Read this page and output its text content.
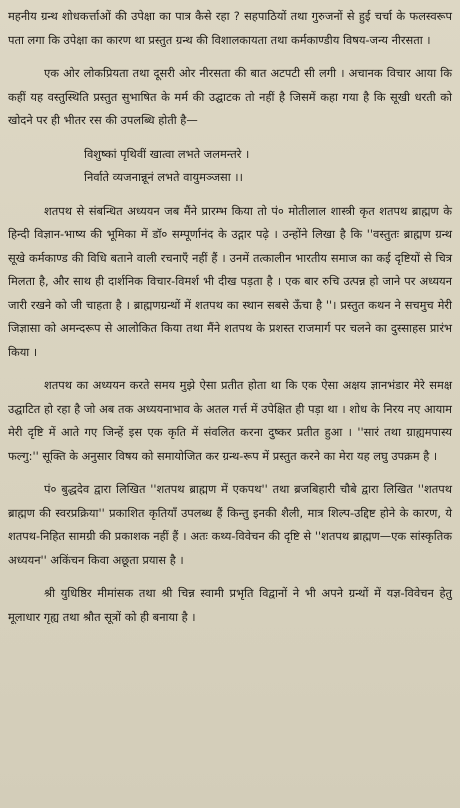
महनीय ग्रन्थ शोधकर्त्ताओं की उपेक्षा का पात्र कैसे रहा ? सहपाठियों तथा गुरुजनों से हुई चर्चा के फलस्वरूप पता लगा कि उपेक्षा का कारण था प्रस्तुत ग्रन्थ की विशालकायता तथा कर्मकाण्डीय विषय-जन्य नीरसता ।

एक ओर लोकप्रियता तथा दूसरी ओर नीरसता की बात अटपटी सी लगी । अचानक विचार आया कि कहीं यह वस्तुस्थिति प्रस्तुत सुभाषित के मर्म की उद्घाटक तो नहीं है जिसमें कहा गया है कि सूखी धरती को खोदने पर ही भीतर रस की उपलब्धि होती है—

विशुष्कां पृथिवीं खात्वा लभते जलमन्तरे ।
निर्वाते व्यजनान्नूनं लभते वायुमञ्जसा ।।

शतपथ से संबन्धित अध्ययन जब मैंने प्रारम्भ किया तो पं० मोतीलाल शास्त्री कृत शतपथ ब्राह्मण के हिन्दी विज्ञान-भाष्य की भूमिका में डॉ० सम्पूर्णानंद के उद्गार पढ़े । उन्होंने लिखा है कि ''वस्तुतः ब्राह्मण ग्रन्थ सूखे कर्मकाण्ड की विधि बताने वाली रचनाएँ नहीं हैं । उनमें तत्कालीन भारतीय समाज का कई दृष्टियों से चित्र मिलता है, और साथ ही दार्शनिक विचार-विमर्श भी दीख पड़ता है । एक बार रुचि उत्पन्न हो जाने पर अध्ययन जारी रखने को जी चाहता है । ब्राह्मणग्रन्थों में शतपथ का स्थान सबसे ऊँचा है ''। प्रस्तुत कथन ने सचमुच मेरी जिज्ञासा को अमन्दरूप से आलोकित किया तथा मैंने शतपथ के प्रशस्त राजमार्ग पर चलने का दुस्साहस प्रारंभ किया ।

शतपथ का अध्ययन करते समय मुझे ऐसा प्रतीत होता था कि एक ऐसा अक्षय ज्ञानभंडार मेरे समक्ष उद्घाटित हो रहा है जो अब तक अध्ययनाभाव के अतल गर्त्त में उपेक्षित ही पड़ा था । शोध के निरय नए आयाम मेरी दृष्टि में आते गए जिन्हें इस एक कृति में संवलित करना दुष्कर प्रतीत हुआ । ''सारं तथा ग्राह्यमपास्य फल्गु:'' सूक्ति के अनुसार विषय को समायोजित कर ग्रन्थ-रूप में प्रस्तुत करने का मेरा यह लघु उपक्रम है ।

पं० बुद्धदेव द्वारा लिखित ''शतपथ ब्राह्मण में एकपथ'' तथा ब्रजबिहारी चौबे द्वारा लिखित ''शतपथ ब्राह्मण की स्वरप्रक्रिया'' प्रकाशित कृतियाँ उपलब्ध हैं किन्तु इनकी शैली, मात्र शिल्प-उद्दिष्ट होने के कारण, ये शतपथ-निहित सामग्री की प्रकाशक नहीं हैं । अतः कथ्य-विवेचन की दृष्टि से ''शतपथ ब्राह्मण—एक सांस्कृतिक अध्ययन'' अकिंचन किवा अछूता प्रयास है ।

श्री युधिष्ठिर मीमांसक तथा श्री चिन्न स्वामी प्रभृति विद्वानों ने भी अपने ग्रन्थों में यज्ञ-विवेचन हेतु मूलाधार गृह्य तथा श्रौत सूत्रों को ही बनाया है ।
